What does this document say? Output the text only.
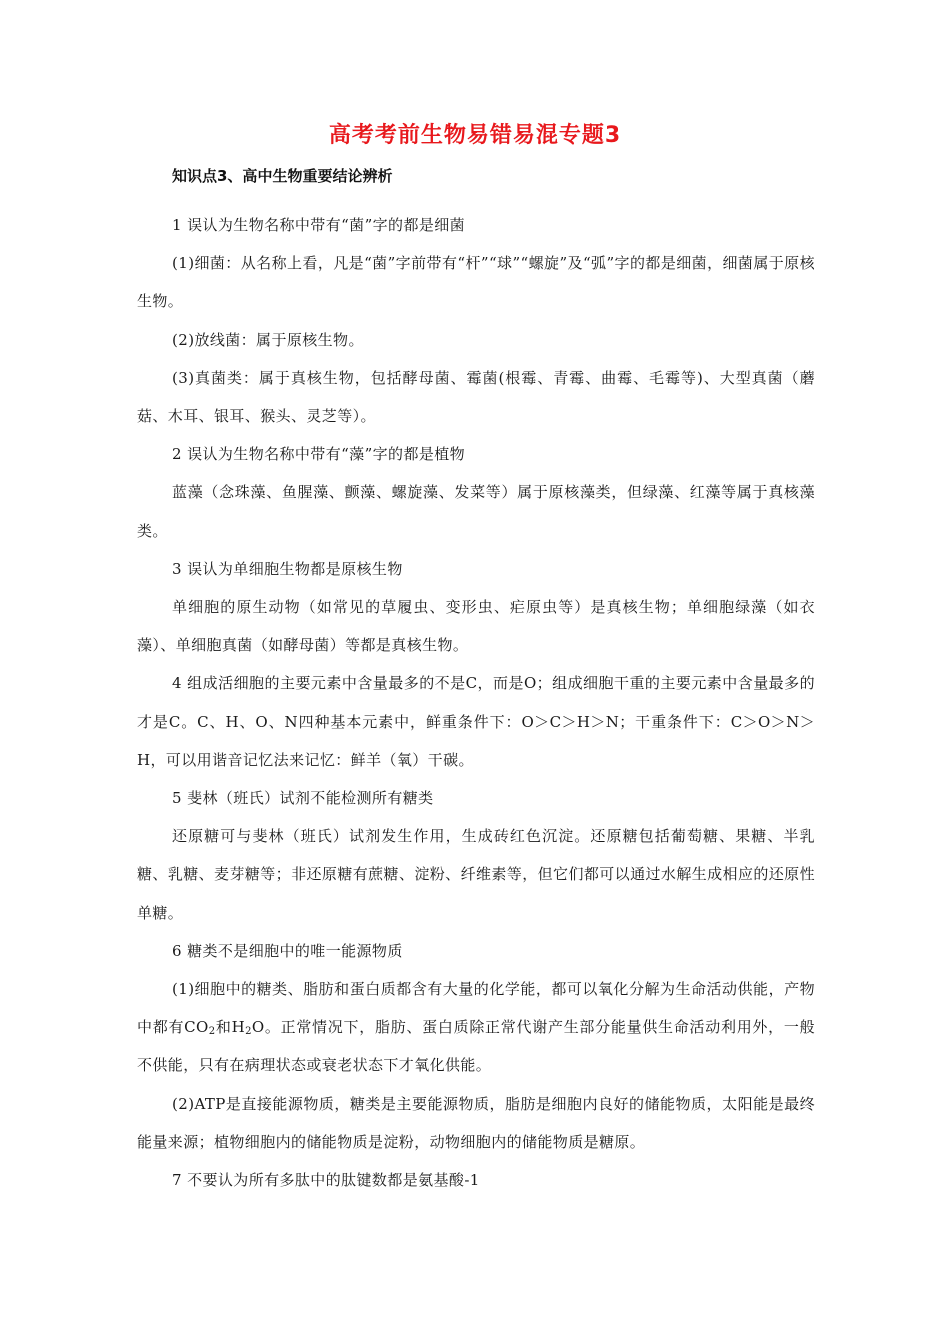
高考考前生物易错易混专题3
知识点3、高中生物重要结论辨析

1 误认为生物名称中带有“菌”字的都是细菌

(1)细菌：从名称上看，凡是“菌”字前带有“杆”“球”“螺旋”及“弧”字的都是细菌，细菌属于原核生物。

(2)放线菌：属于原核生物。

(3)真菌类：属于真核生物，包括酵母菌、霉菌(根霉、青霉、曲霉、毛霉等)、大型真菌（蘑菇、木耳、银耳、猴头、灵芝等）。

2 误认为生物名称中带有“藻”字的都是植物

蓝藻（念珠藻、鱼腥藻、颤藻、螺旋藻、发菜等）属于原核藻类，但绿藻、红藻等属于真核藻类。

3 误认为单细胞生物都是原核生物

单细胞的原生动物（如常见的草履虫、变形虫、疟原虫等）是真核生物；单细胞绿藻（如衣藻）、单细胞真菌（如酵母菌）等都是真核生物。

4 组成活细胞的主要元素中含量最多的不是C，而是O；组成细胞干重的主要元素中含量最多的才是C。C、H、O、N四种基本元素中，鲜重条件下：O＞C＞H＞N；干重条件下：C＞O＞N＞H，可以用谐音记忆法来记忆：鲜羊（氧）干碳。

5 斐林（班氏）试剂不能检测所有糖类

还原糖可与斐林（班氏）试剂发生作用，生成砖红色沉淀。还原糖包括葡萄糖、果糖、半乳糖、乳糖、麦芽糖等；非还原糖有蔗糖、淀粉、纤维素等，但它们都可以通过水解生成相应的还原性单糖。

6 糖类不是细胞中的唯一能源物质

(1)细胞中的糖类、脂肪和蛋白质都含有大量的化学能，都可以氧化分解为生命活动供能，产物中都有$CO_2$和$H_2O$。正常情况下，脂肪、蛋白质除正常代谢产生部分能量供生命活动利用外，一般不供能，只有在病理状态或衰老状态下才氧化供能。

(2)ATP是直接能源物质，糖类是主要能源物质，脂肪是细胞内良好的储能物质，太阳能是最终能量来源；植物细胞内的储能物质是淀粉，动物细胞内的储能物质是糖原。

7 不要认为所有多肽中的肽键数都是氨基酸-1
